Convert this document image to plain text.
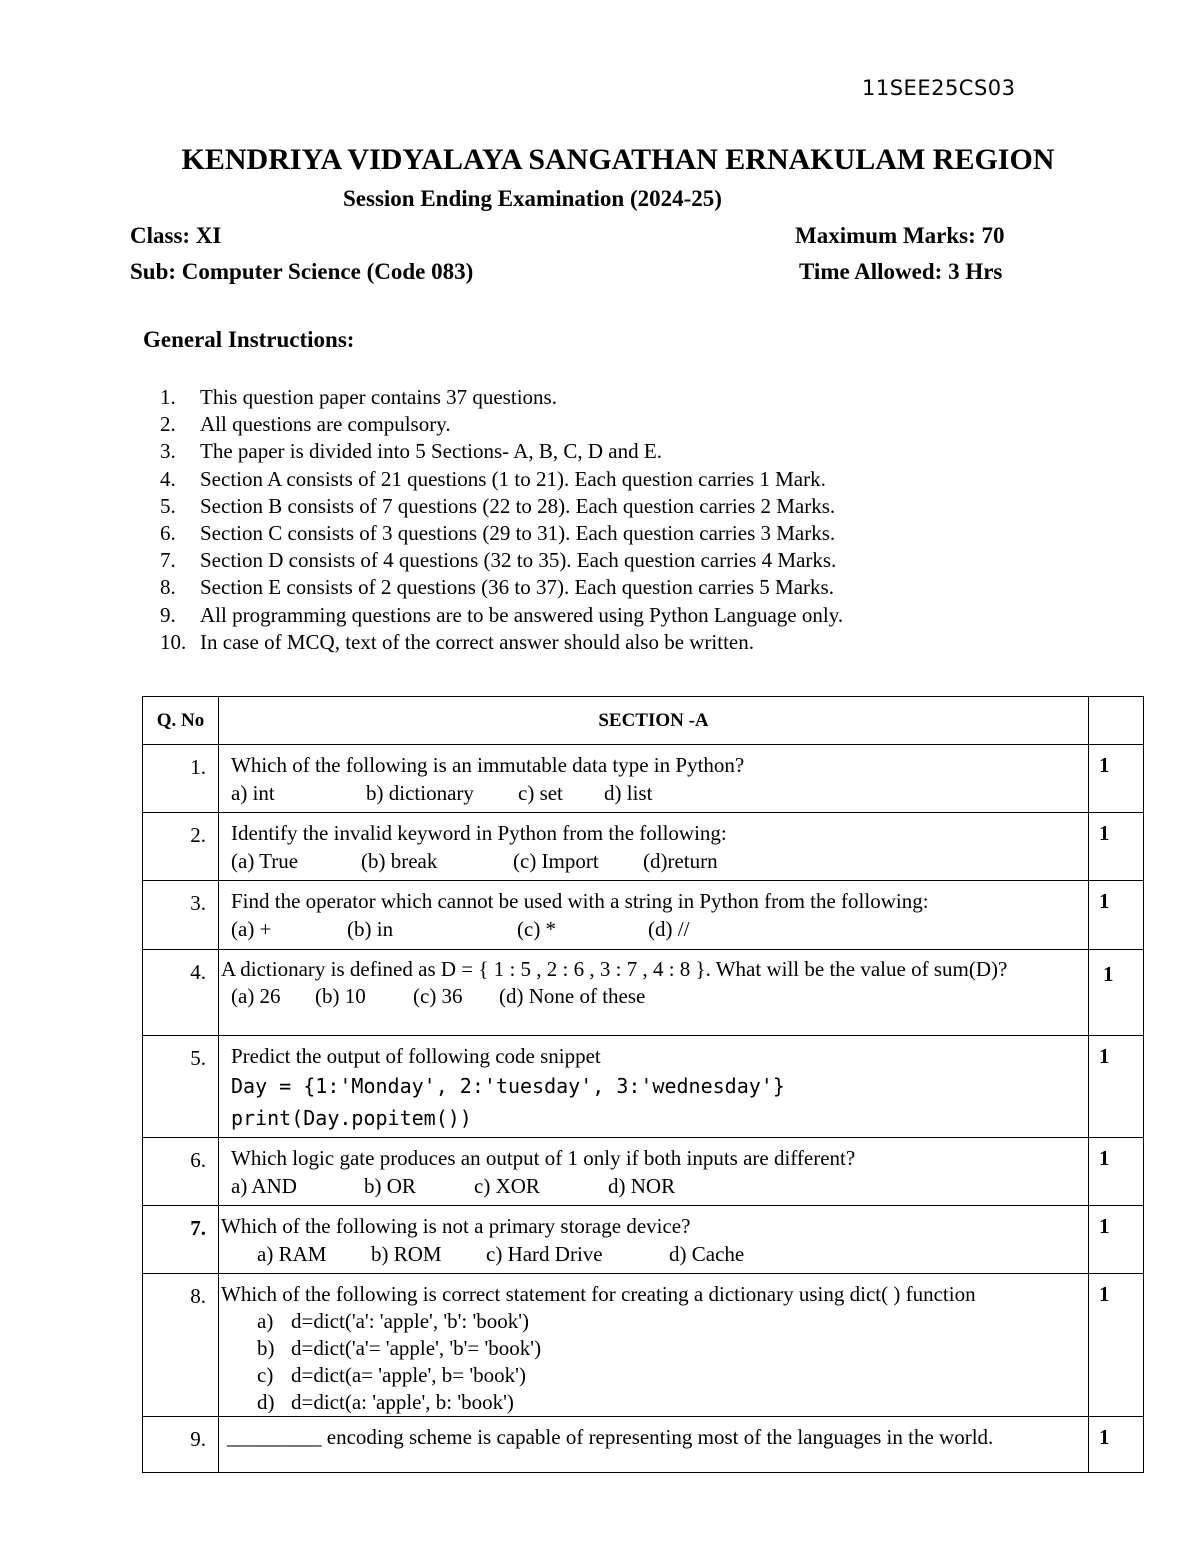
11SEE25CS03
KENDRIYA VIDYALAYA SANGATHAN ERNAKULAM REGION
Session Ending Examination (2024-25)
Class: XI	Maximum Marks: 70
Sub: Computer Science (Code 083)	Time Allowed: 3 Hrs
General Instructions:
1.	This question paper contains 37 questions.
2.	All questions are compulsory.
3.	The paper is divided into 5 Sections- A, B, C, D and E.
4.	Section A consists of 21 questions (1 to 21). Each question carries 1 Mark.
5.	Section B consists of 7 questions (22 to 28). Each question carries 2 Marks.
6.	Section C consists of 3 questions (29 to 31). Each question carries 3 Marks.
7.	Section D consists of 4 questions (32 to 35). Each question carries 4 Marks.
8.	Section E consists of 2 questions (36 to 37). Each question carries 5 Marks.
9.	All programming questions are to be answered using Python Language only.
10. In case of MCQ, text of the correct answer should also be written.
Q. No	SECTION -A	
1.	Which of the following is an immutable data type in Python?
a) int b) dictionary c) set d) list	1
2.	Identify the invalid keyword in Python from the following:
(a) True (b) break (c) Import (d)return	1
3.	Find the operator which cannot be used with a string in Python from the following:
(a) + (b) in (c) * (d) //	1
4.	A dictionary is defined as D = { 1 : 5 , 2 : 6 , 3 : 7 , 4 : 8 }. What will be the value of sum(D)?
(a) 26 (b) 10 (c) 36 (d) None of these	1
5.	Predict the output of following code snippet
Day = {1:'Monday', 2:'tuesday', 3:'wednesday'}
print(Day.popitem())	1
6.	Which logic gate produces an output of 1 only if both inputs are different?
a) AND b) OR c) XOR d) NOR	1
7.	Which of the following is not a primary storage device?
a) RAM b) ROM c) Hard Drive d) Cache	1
8.	Which of the following is correct statement for creating a dictionary using dict( ) function
a) d=dict('a': 'apple', 'b': 'book')
b) d=dict('a'= 'apple', 'b'= 'book')
c) d=dict(a= 'apple', b= 'book')
d) d=dict(a: 'apple', b: 'book')	1
9.	_________ encoding scheme is capable of representing most of the languages in the world.	1
